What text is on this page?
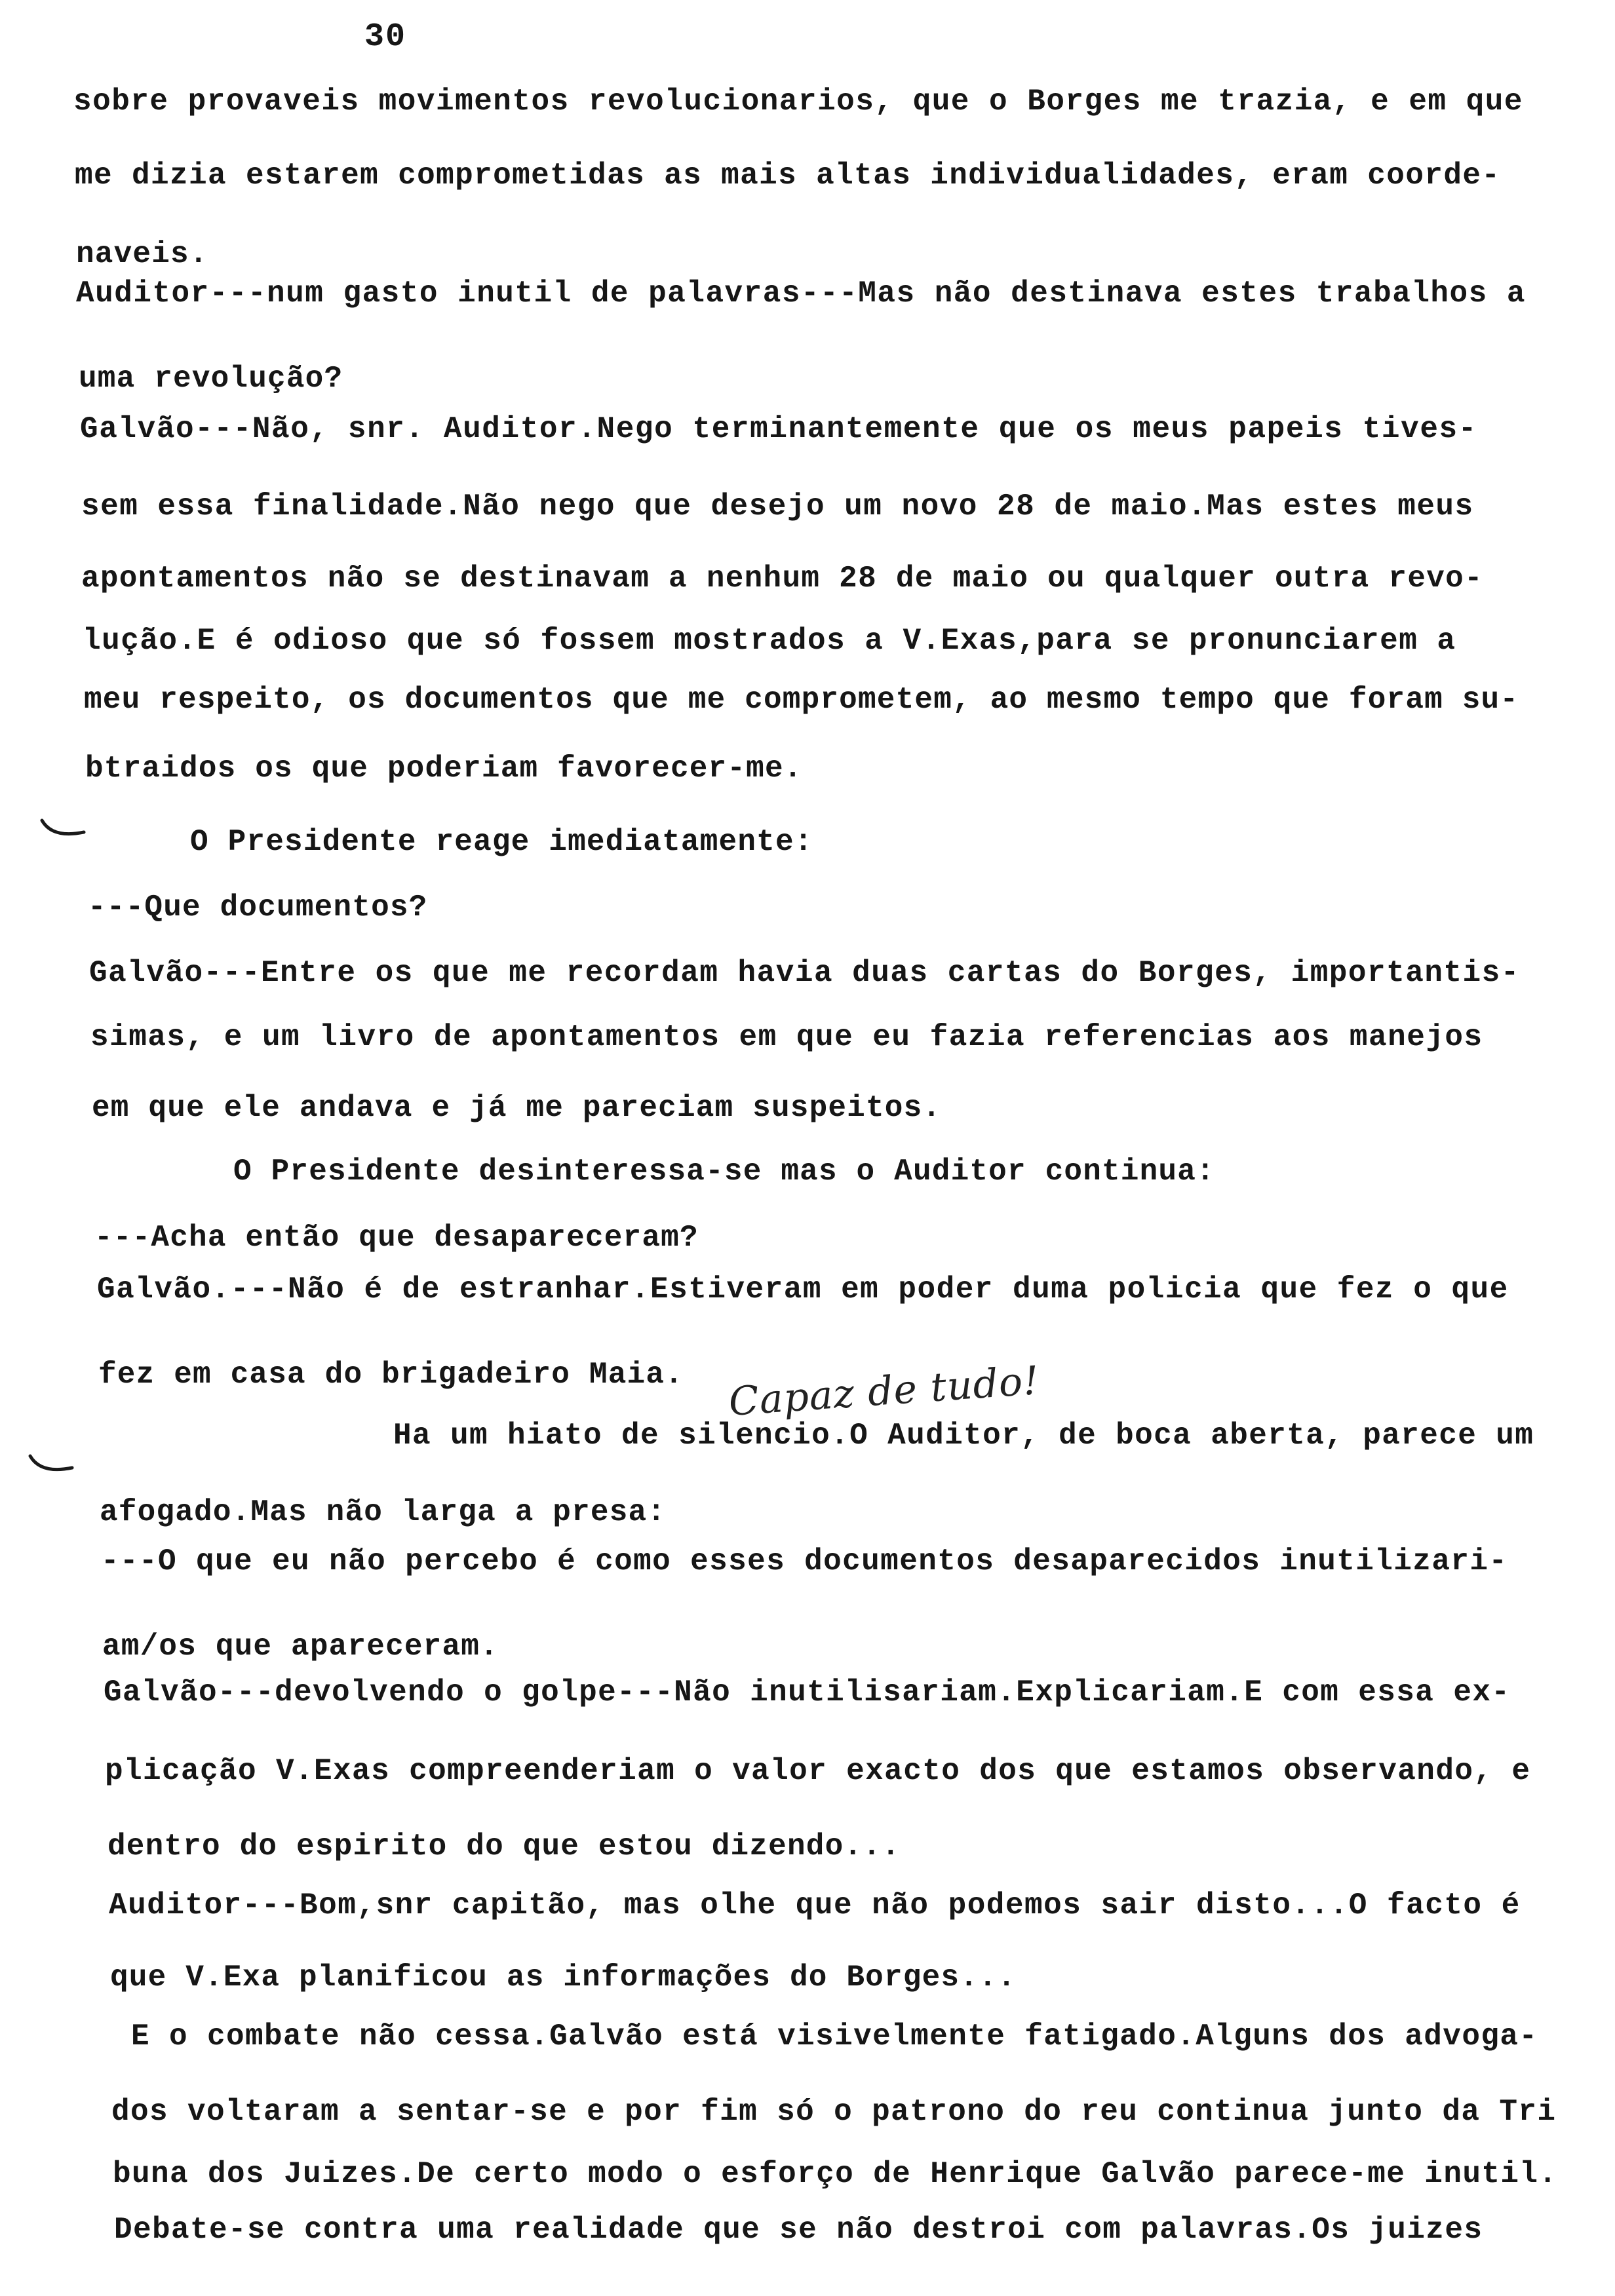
30

sobre provaveis movimentos revolucionarios, que o Borges me trazia, e em que

me dizia estarem comprometidas as mais altas individualidades, eram coorde-

naveis.

Auditor---num gasto inutil de palavras---Mas não destinava estes trabalhos a

uma revolução?

Galvão---Não, snr. Auditor.Nego terminantemente que os meus papeis tives-

sem essa finalidade.Não nego que desejo um novo 28 de maio.Mas estes meus

apontamentos não se destinavam a nenhum 28 de maio ou qualquer outra revo-

lução.E é odioso que só fossem mostrados a V.Exas,para se pronunciarem a

meu respeito, os documentos que me comprometem, ao mesmo tempo que foram su-

btraidos os que poderiam favorecer-me.

O Presidente reage imediatamente:

---Que documentos?

Galvão---Entre os que me recordam havia duas cartas do Borges, importantis-

simas, e um livro de apontamentos em que eu fazia referencias aos manejos

em que ele andava e já me pareciam suspeitos.

O Presidente desinteressa-se mas o Auditor continua:

---Acha então que desapareceram?

Galvão.---Não é de estranhar.Estiveram em poder duma policia que fez o que

fez em casa do brigadeiro Maia. Capaz de tudo!

Ha um hiato de silencio.O Auditor, de boca aberta, parece um

afogado.Mas não larga a presa:

---O que eu não percebo é como esses documentos desaparecidos inutilizari-

am/os que apareceram.

Galvão---devolvendo o golpe---Não inutilisariam.Explicariam.E com essa ex-

plicação V.Exas compreenderiam o valor exacto dos que estamos observando, e

dentro do espirito do que estou dizendo...

Auditor---Bom,snr capitão, mas olhe que não podemos sair disto...O facto é

que V.Exa planificou as informações do Borges...

E o combate não cessa.Galvão está visivelmente fatigado.Alguns dos advoga-

dos voltaram a sentar-se e por fim só o patrono do reu continua junto da Tri

buna dos Juizes.De certo modo o esforço de Henrique Galvão parece-me inutil.

Debate-se contra uma realidade que se não destroi com palavras.Os juizes
